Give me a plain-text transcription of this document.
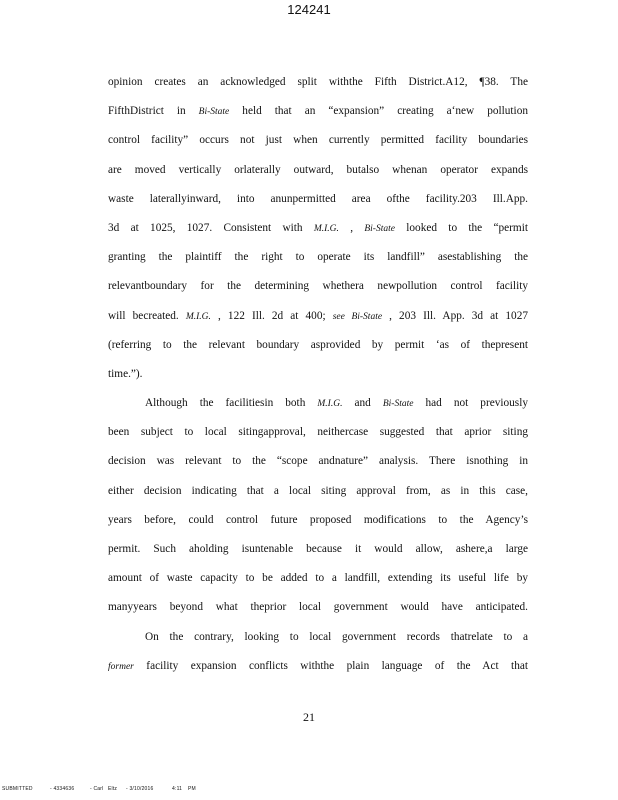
124241
opinion creates an acknowledged split withthe Fifth District.A12, ¶38. The
FifthDistrict in Bi-State held that an “expansion” creating a‘new pollution
control facility” occurs not just when currently permitted facility boundaries
are moved vertically orlaterally outward, butalso whenan operator expands
waste laterallyinward, into anunpermitted area ofthe facility.203 Ill.App.
3d at 1025, 1027. Consistent with M.I.G. , Bi-State looked to the “permit
granting the plaintiff the right to operate its landfill” asestablishing the
relevantboundary for the determining whethera newpollution control facility
will becreated. M.I.G. , 122 Ill. 2d at 400; see Bi-State , 203 Ill. App. 3d at 1027
(referring to the relevant boundary asprovided by permit ‘as of thepresent
time.”).
Although the facilitiesin both M.I.G. and Bi-State had not previously
been subject to local sitingapproval, neithercase suggested that aprior siting
decision was relevant to the “scope andnature” analysis. There isnothing in
either decision indicating that a local siting approval from, as in this case,
years before, could control future proposed modifications to the Agency’s
permit. Such aholding isuntenable because it would allow, ashere,a large
amount of waste capacity to be added to a landfill, extending its useful life by
manyyears beyond what theprior local government would have anticipated.
On the contrary, looking to local government records thatrelate to a
former facility expansion conflicts withthe plain language of the Act that
21
SUBMITTED	- 4334636	- Carl Eltz - 3/10/2016	4:11 PM
